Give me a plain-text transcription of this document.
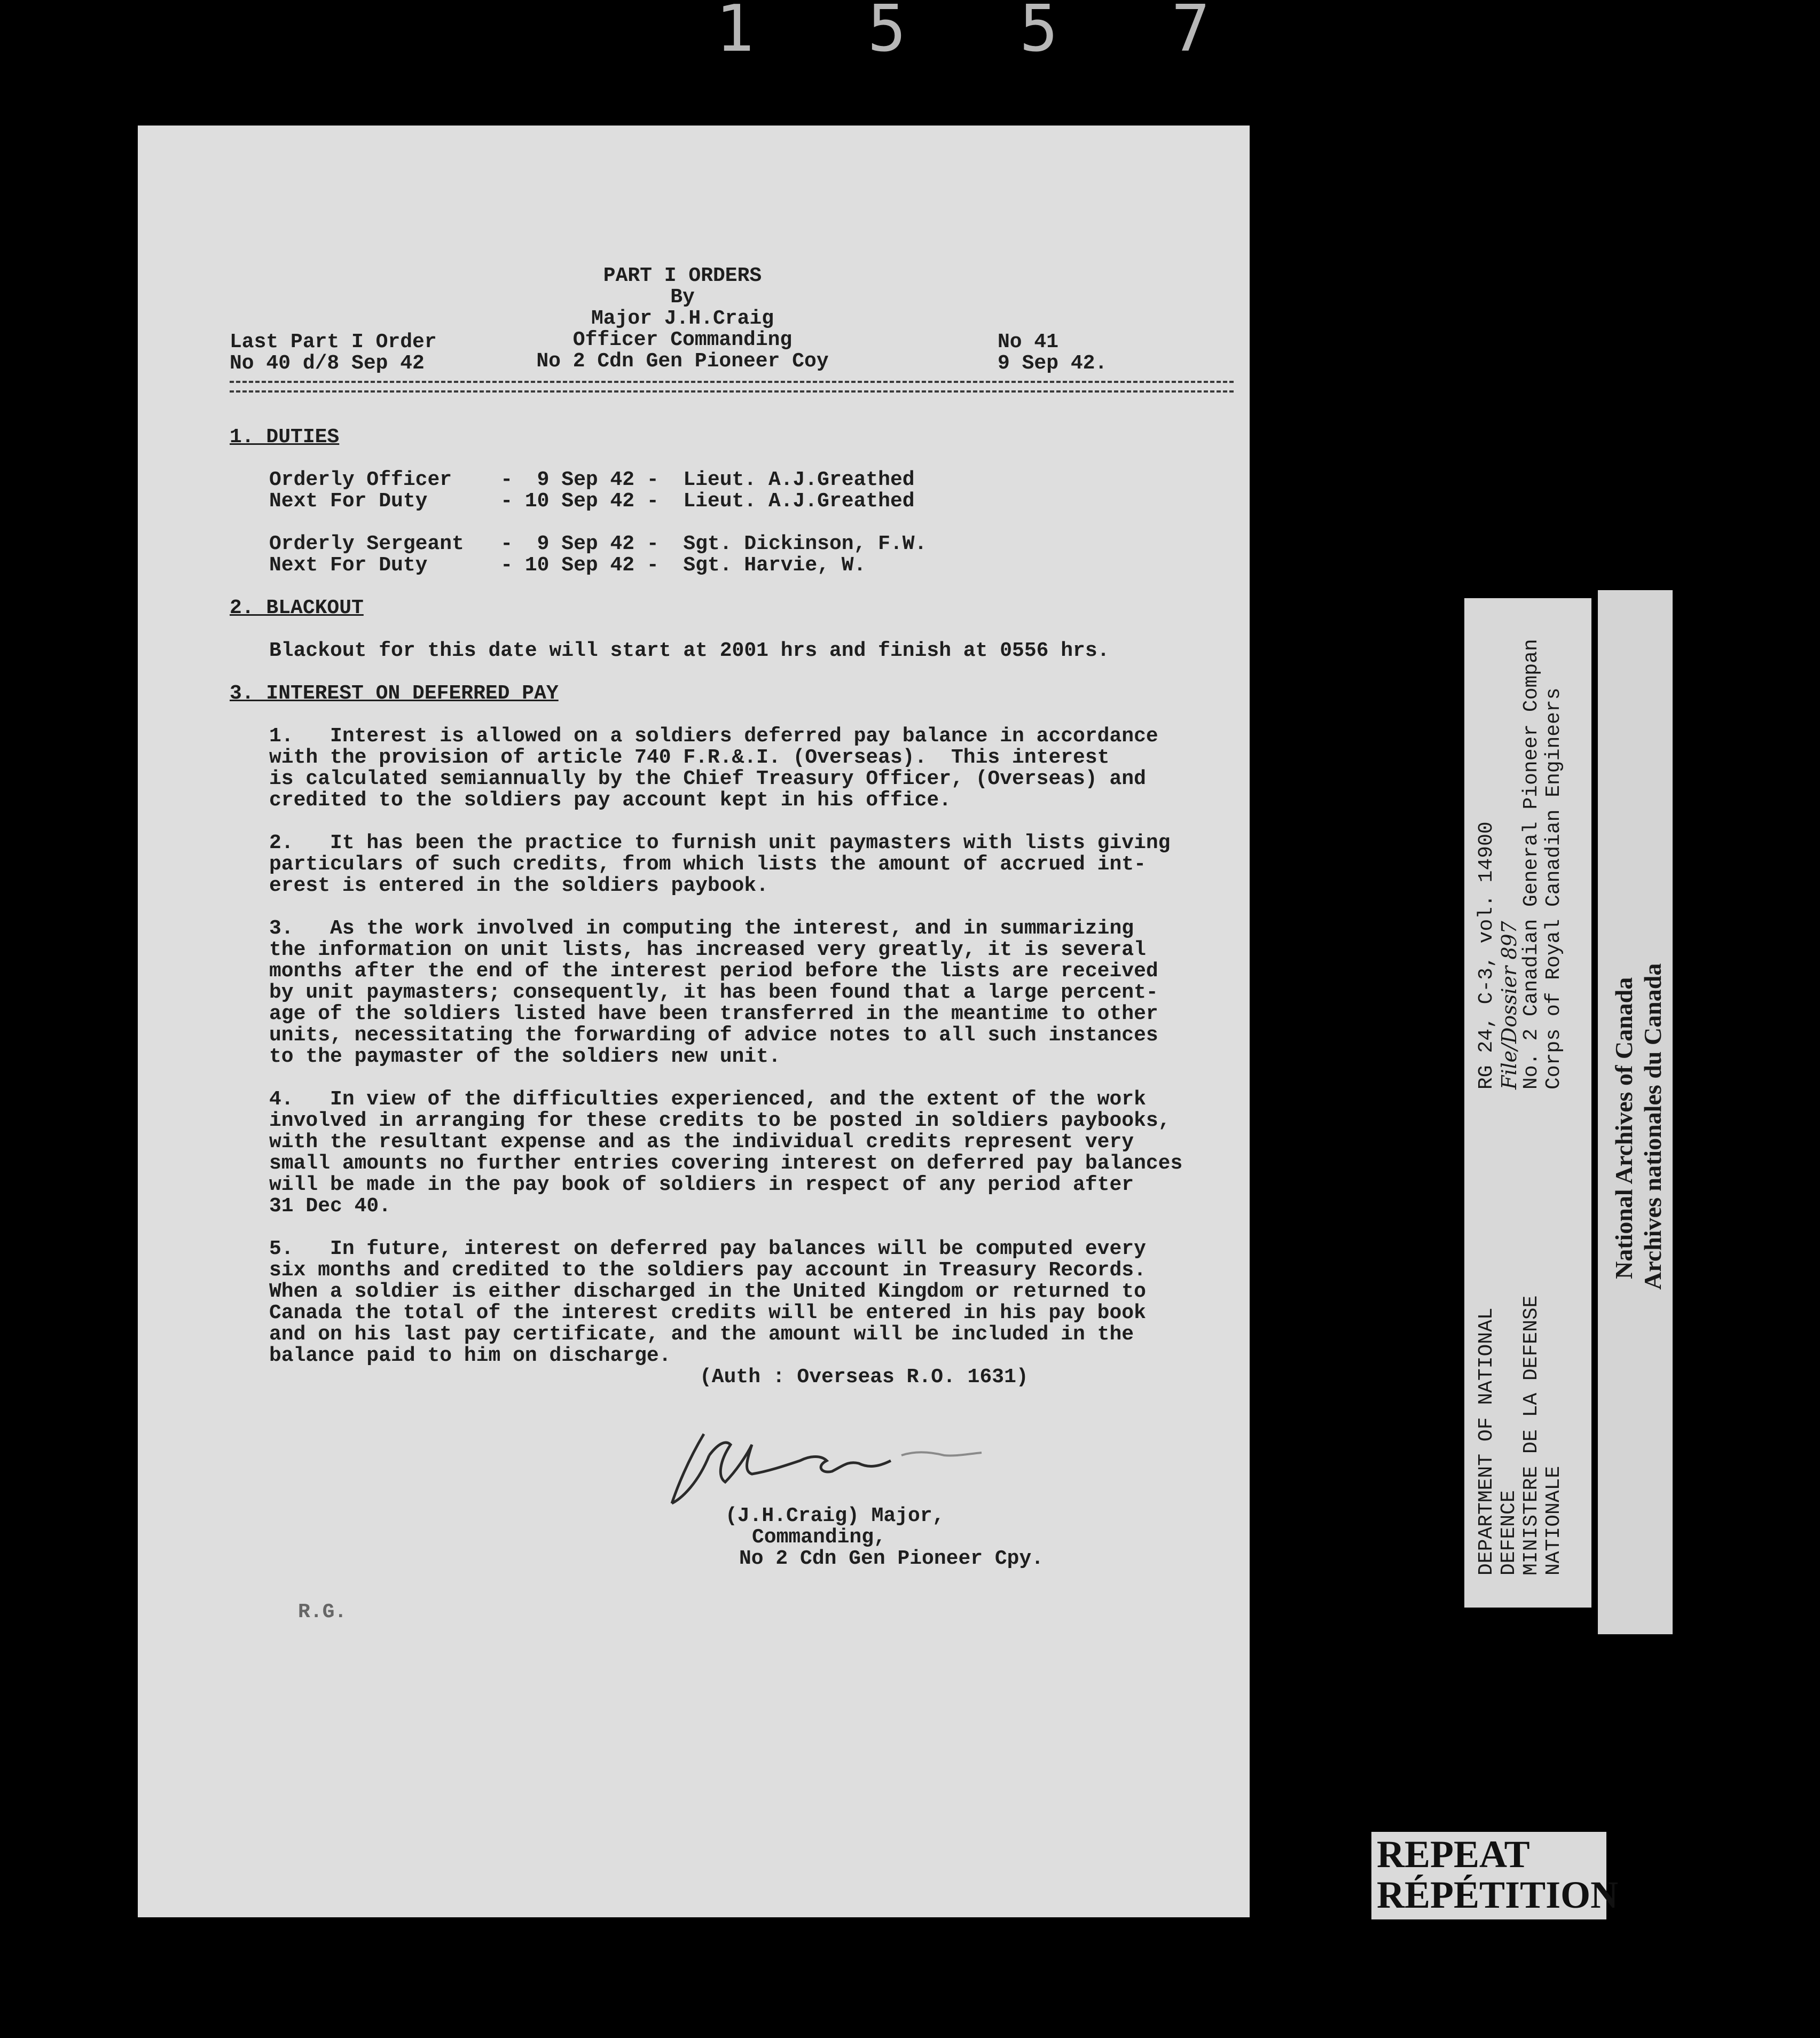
1 5 5 7
PART I ORDERS
By
Major J.H.Craig
Officer Commanding
No 2 Cdn Gen Pioneer Coy
Last Part I Order
No 40 d/8 Sep 42
No 41
9 Sep 42.
1. DUTIES
Orderly Officer    -  9 Sep 42 -  Lieut. A.J.Greathed
Next For Duty      - 10 Sep 42 -  Lieut. A.J.Greathed
Orderly Sergeant   -  9 Sep 42 -  Sgt. Dickinson, F.W.
Next For Duty      - 10 Sep 42 -  Sgt. Harvie, W.
2. BLACKOUT
Blackout for this date will start at 2001 hrs and finish at 0556 hrs.
3. INTEREST ON DEFERRED PAY
1.   Interest is allowed on a soldiers deferred pay balance in accordance
with the provision of article 740 F.R.&.I. (Overseas).  This interest
is calculated semiannually by the Chief Treasury Officer, (Overseas) and
credited to the soldiers pay account kept in his office.
2.   It has been the practice to furnish unit paymasters with lists giving
particulars of such credits, from which lists the amount of accrued int-
erest is entered in the soldiers paybook.
3.   As the work involved in computing the interest, and in summarizing
the information on unit lists, has increased very greatly, it is several
months after the end of the interest period before the lists are received
by unit paymasters; consequently, it has been found that a large percent-
age of the soldiers listed have been transferred in the meantime to other
units, necessitating the forwarding of advice notes to all such instances
to the paymaster of the soldiers new unit.
4.   In view of the difficulties experienced, and the extent of the work
involved in arranging for these credits to be posted in soldiers paybooks,
with the resultant expense and as the individual credits represent very
small amounts no further entries covering interest on deferred pay balances
will be made in the pay book of soldiers in respect of any period after
31 Dec 40.
5.   In future, interest on deferred pay balances will be computed every
six months and credited to the soldiers pay account in Treasury Records.
When a soldier is either discharged in the United Kingdom or returned to
Canada the total of the interest credits will be entered in his pay book
and on his last pay certificate, and the amount will be included in the
balance paid to him on discharge.
(Auth : Overseas R.O. 1631)
(J.H.Craig) Major,
Commanding,
No 2 Cdn Gen Pioneer Cpy.
R.G.
DEPARTMENT OF NATIONAL DEFENCE MINISTERE DE LA DEFENSE NATIONALE
RG 24, C-3, vol. 14900 File/Dossier 897
No. 2 Canadian General Pioneer Compan Corps of Royal Canadian Engineers
National Archives of Canada Archives nationales du Canada
REPEAT
RÉPÉTITION
